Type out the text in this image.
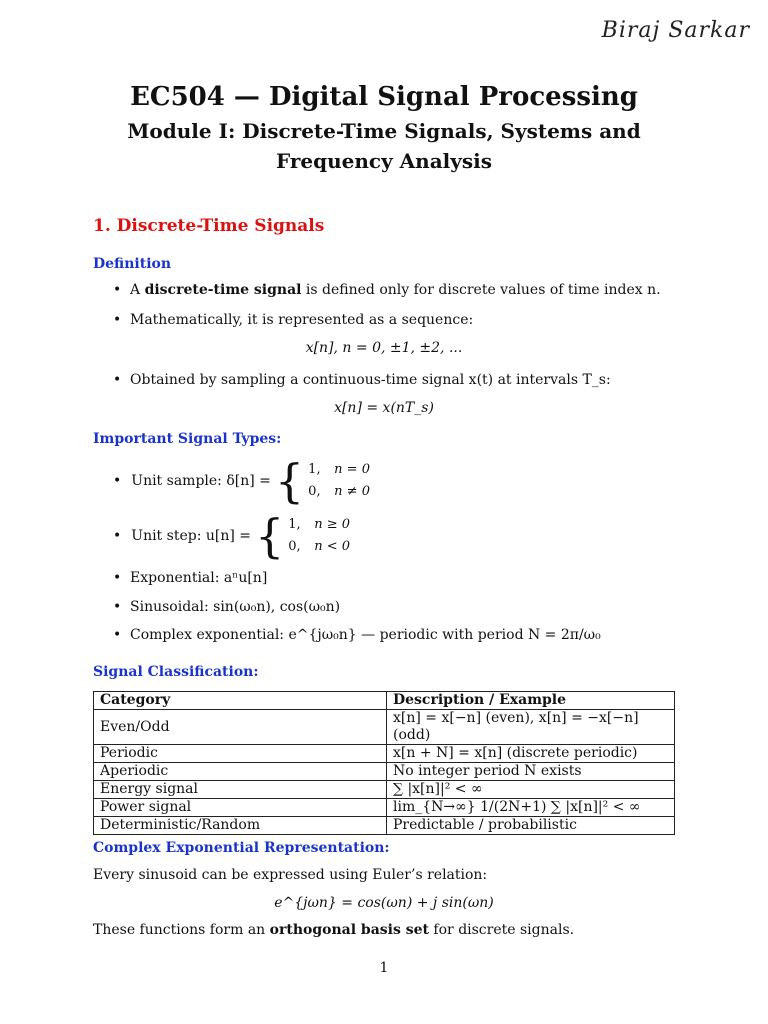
Biraj Sarkar
EC504 — Digital Signal Processing
Module I: Discrete-Time Signals, Systems and Frequency Analysis
1. Discrete-Time Signals
Definition
• A discrete-time signal is defined only for discrete values of time index n.
• Mathematically, it is represented as a sequence:
x[n], n = 0, ±1, ±2, ...
• Obtained by sampling a continuous-time signal x(t) at intervals T_s:
x[n] = x(nT_s)
Important Signal Types:
• Unit sample: δ[n] = { 1, n = 0
0, n ≠ 0
• Unit step: u[n] = { 1, n ≥ 0
0, n < 0
• Exponential: aⁿu[n]
• Sinusoidal: sin(ω₀n), cos(ω₀n)
• Complex exponential: e^{jω₀n} — periodic with period N = 2π/ω₀
Signal Classification:
Category	Description / Example
Even/Odd	x[n] = x[−n] (even), x[n] = −x[−n] (odd)
Periodic	x[n + N] = x[n] (discrete periodic)
Aperiodic	No integer period N exists
Energy signal	∑ |x[n]|² < ∞
Power signal	lim_{N→∞} 1/(2N+1) ∑ |x[n]|² < ∞
Deterministic/Random	Predictable / probabilistic
Complex Exponential Representation:
Every sinusoid can be expressed using Euler’s relation:
e^{jωn} = cos(ωn) + j sin(ωn)
These functions form an orthogonal basis set for discrete signals.
1
